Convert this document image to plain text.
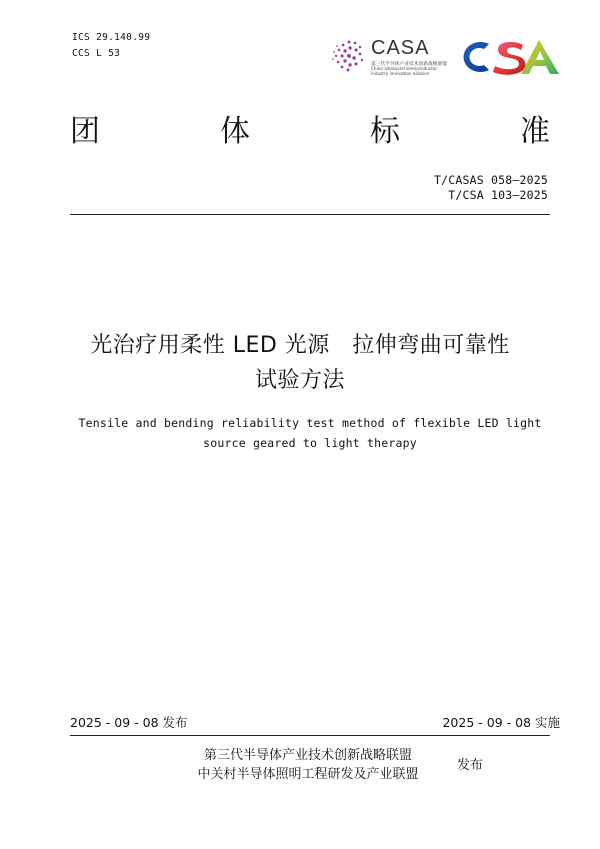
ICS 29.140.99
CCS L 53	CASA
第三代半导体产业技术创新战略联盟
China advanced semiconductor industry innovation alliance
团	体	标	准
T/CASAS 058—2025
T/CSA 103—2025
光治疗用柔性 LED 光源   拉伸弯曲可靠性
试验方法
Tensile and bending reliability test method of flexible LED light
source geared to light therapy
2025 - 09 - 08 发布	2025 - 09 - 08 实施
第三代半导体产业技术创新战略联盟
中关村半导体照明工程研发及产业联盟
发布
